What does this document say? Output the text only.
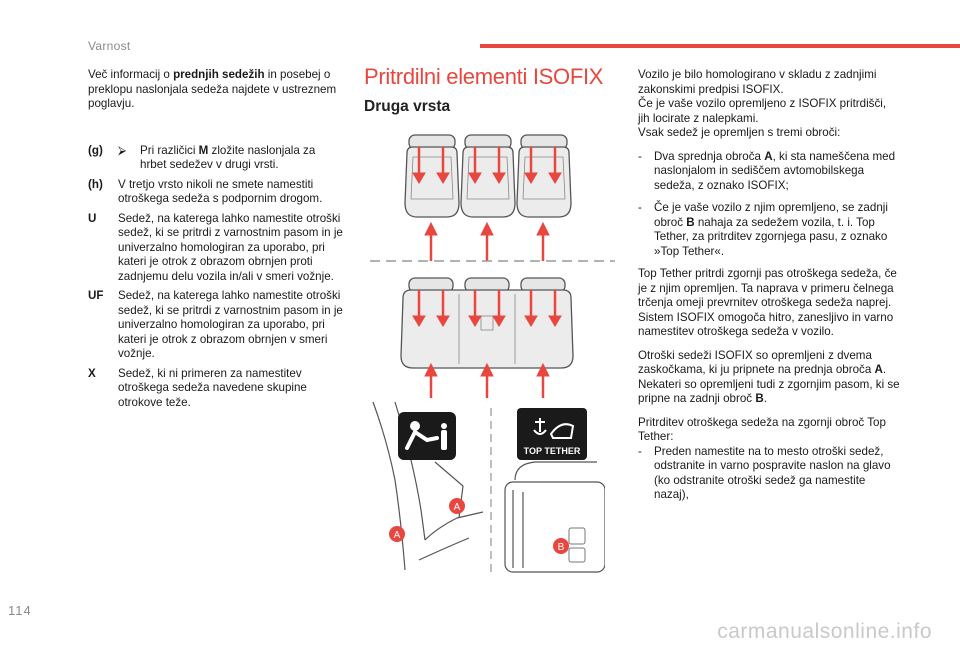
Varnost

Več informacij o prednjih sedežih in posebej o preklopu naslonjala sedeža najdete v ustreznem poglavju.

(g)	⮚	Pri različici M zložite naslonjala za hrbet sedežev v drugi vrsti.
(h)	V tretjo vrsto nikoli ne smete namestiti otroškega sedeža s podpornim drogom.
U	Sedež, na katerega lahko namestite otroški sedež, ki se pritrdi z varnostnim pasom in je univerzalno homologiran za uporabo, pri kateri je otrok z obrazom obrnjen proti zadnjemu delu vozila in/ali v smeri vožnje.
UF	Sedež, na katerega lahko namestite otroški sedež, ki se pritrdi z varnostnim pasom in je univerzalno homologiran za uporabo, pri kateri je otrok z obrazom obrnjen v smeri vožnje.
X	Sedež, ki ni primeren za namestitev otroškega sedeža navedene skupine otrokove teže.
Pritrdilni elementi ISOFIX
Druga vrsta
TOP TETHER
A
A
B

Vozilo je bilo homologirano v skladu z zadnjimi zakonskimi predpisi ISOFIX.
Če je vaše vozilo opremljeno z ISOFIX pritrdišči, jih locirate z nalepkami.
Vsak sedež je opremljen s tremi obroči:

-	Dva sprednja obroča A, ki sta nameščena med naslonjalom in sediščem avtomobilskega sedeža, z oznako ISOFIX;
-	Če je vaše vozilo z njim opremljeno, se zadnji obroč B nahaja za sedežem vozila, t. i. Top Tether, za pritrditev zgornjega pasu, z oznako »Top Tether«.

Top Tether pritrdi zgornji pas otroškega sedeža, če je z njim opremljen. Ta naprava v primeru čelnega trčenja omeji prevrnitev otroškega sedeža naprej.
Sistem ISOFIX omogoča hitro, zanesljivo in varno namestitev otroškega sedeža v vozilo.

Otroški sedeži ISOFIX so opremljeni z dvema zaskočkama, ki ju pripnete na prednja obroča A.
Nekateri so opremljeni tudi z zgornjim pasom, ki se pripne na zadnji obroč B.

Pritrditev otroškega sedeža na zgornji obroč Top Tether:

-	Preden namestite na to mesto otroški sedež, odstranite in varno pospravite naslon na glavo (ko odstranite otroški sedež ga namestite nazaj),
114
carmanualsonline.info
